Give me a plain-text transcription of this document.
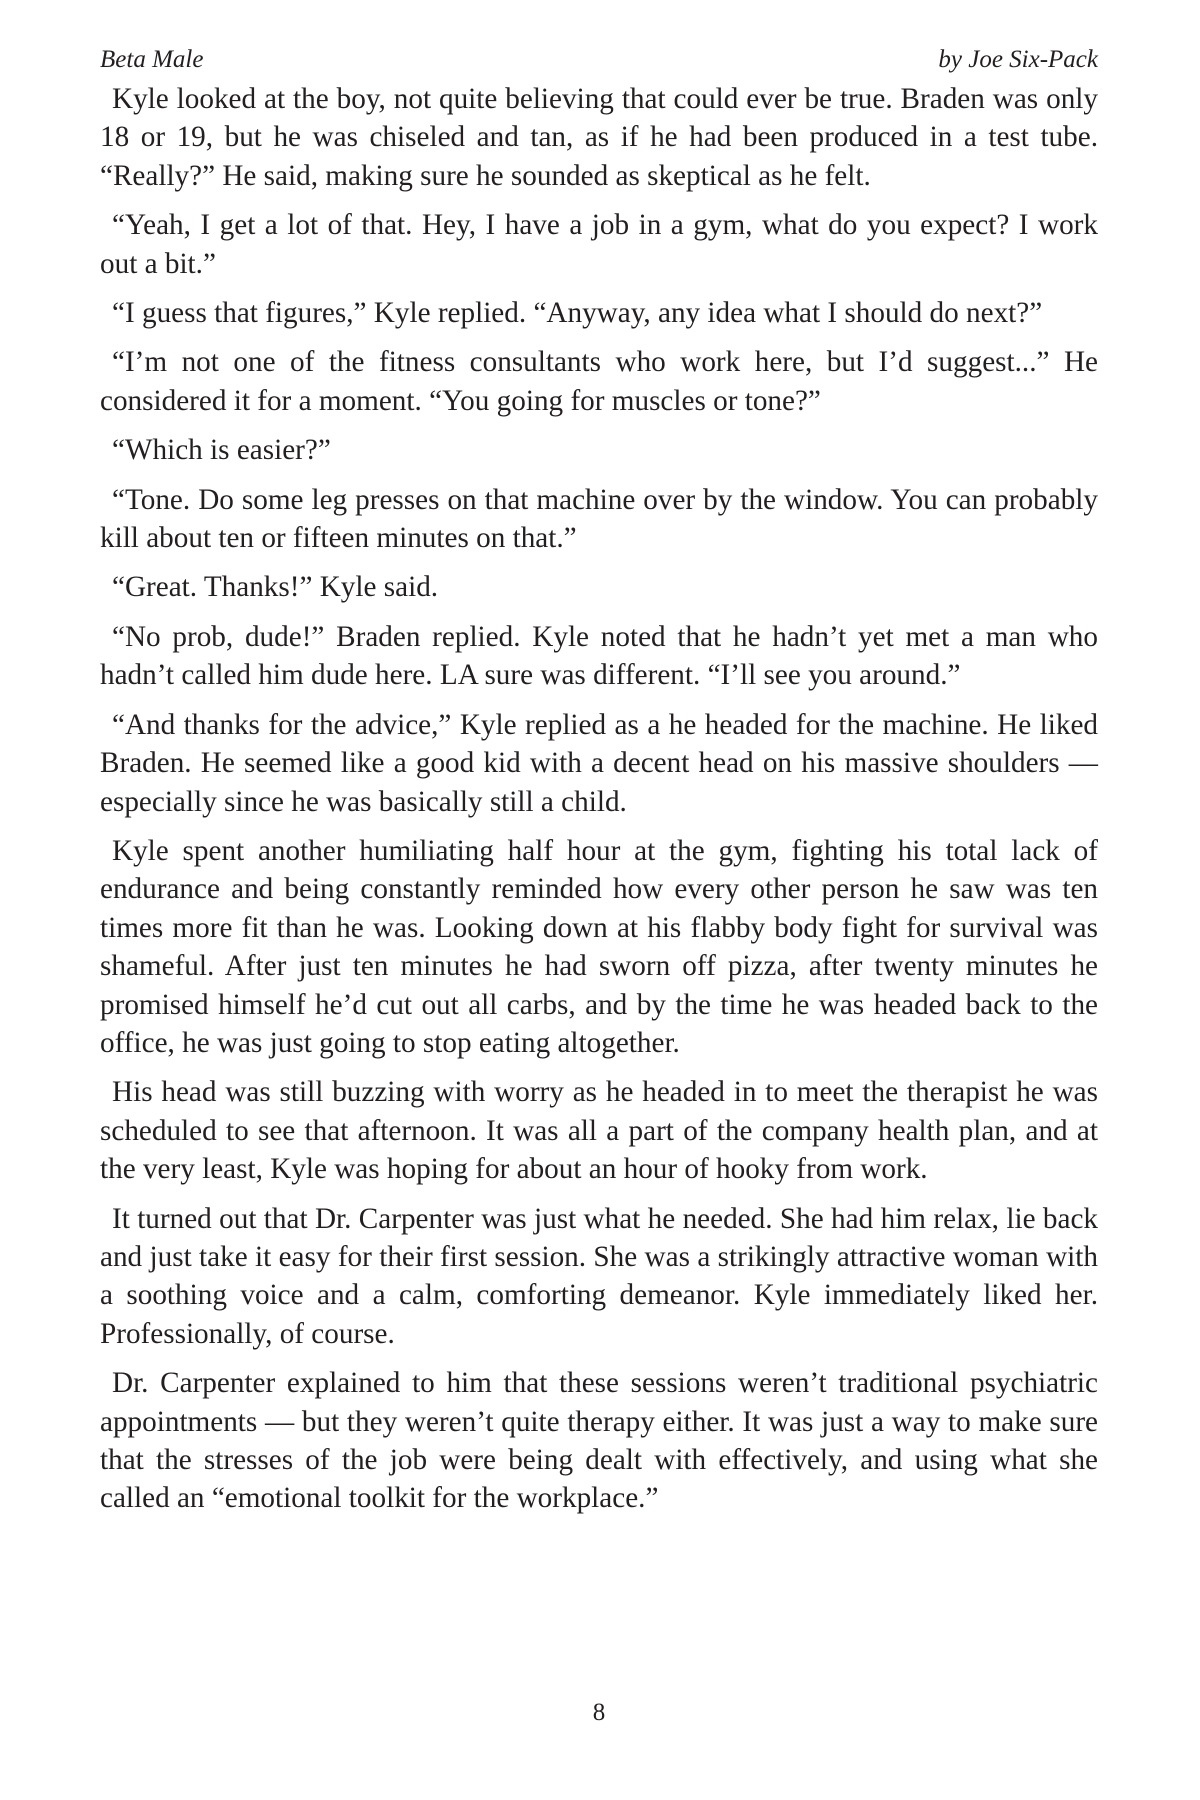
Beta Male	by Joe Six-Pack

Kyle looked at the boy, not quite believing that could ever be true. Braden was only 18 or 19, but he was chiseled and tan, as if he had been produced in a test tube. “Really?” He said, making sure he sounded as skeptical as he felt.

“Yeah, I get a lot of that. Hey, I have a job in a gym, what do you expect? I work out a bit.”

“I guess that figures,” Kyle replied. “Anyway, any idea what I should do next?”

“I’m not one of the fitness consultants who work here, but I’d suggest...” He considered it for a moment. “You going for muscles or tone?”

“Which is easier?”

“Tone. Do some leg presses on that machine over by the window. You can probably kill about ten or fifteen minutes on that.”

“Great. Thanks!” Kyle said.

“No prob, dude!” Braden replied. Kyle noted that he hadn’t yet met a man who hadn’t called him dude here. LA sure was different. “I’ll see you around.”

“And thanks for the advice,” Kyle replied as a he headed for the machine. He liked Braden. He seemed like a good kid with a decent head on his massive shoulders — especially since he was basically still a child.

Kyle spent another humiliating half hour at the gym, fighting his total lack of endurance and being constantly reminded how every other person he saw was ten times more fit than he was. Looking down at his flabby body fight for survival was shameful. After just ten minutes he had sworn off pizza, after twenty minutes he promised himself he’d cut out all carbs, and by the time he was headed back to the office, he was just going to stop eating altogether.

His head was still buzzing with worry as he headed in to meet the therapist he was scheduled to see that afternoon. It was all a part of the company health plan, and at the very least, Kyle was hoping for about an hour of hooky from work.

It turned out that Dr. Carpenter was just what he needed. She had him relax, lie back and just take it easy for their first session. She was a strikingly attractive woman with a soothing voice and a calm, comforting demeanor. Kyle immediately liked her. Professionally, of course.

Dr. Carpenter explained to him that these sessions weren’t traditional psychiatric appointments — but they weren’t quite therapy either. It was just a way to make sure that the stresses of the job were being dealt with effectively, and using what she called an “emotional toolkit for the workplace.”

8
